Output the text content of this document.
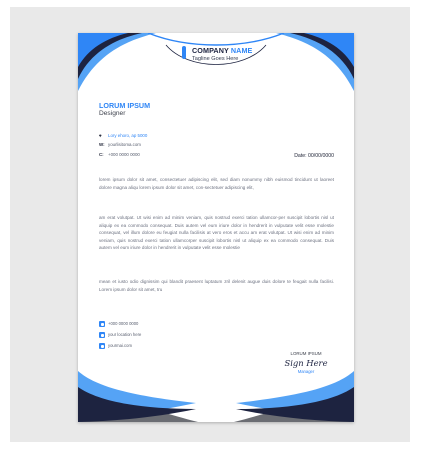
COMPANY NAME
Tagline Goes Here
LORUM IPSUM
Designer
⌖ Lory ehoro, ap 5000
W: yourlisitoma.com
C: +000 0000 0000	Date: 00/00/0000
lorem ipsum dolor sit amet, consectetuer adipiscing elit, sed diam nonummy nibh euismod tincidunt ut laoreet dolore magna aliqu lorem ipsum dolor sit amet, con-sectetuer adipiscing elit,
am erat volutpat. Ut wisi enim ad minim veniam, quis nostrud exerci tation ullamcor-per suscipit lobortis nisl ut aliquip ex ea commodo consequat. Duis autem vel eum iriure dolor in hendrerit in vulputate velit esse molestie consequat, vel illum dolore eu feugiat nulla facilisis at vero eros et accu am erat volutpat. Ut wisi enim ad minim veniam, quis nostrud exerci tation ullamcorper suscipit lobortis nisl ut aliquip ex ea commodo consequat. Duis autem vel eum iriure dolor in hendrerit in vulputate velit esse molestie
mean et iusto odio dignissim qui blandit praesent luptatum zril delenit augue duis dolore te feugait nulla facilisi. Lorem ipsum dolor sit amet, tru
+000 0000 0000
your location here
yourmai.com
LORUM IPSUM
Sign Here
Manager
